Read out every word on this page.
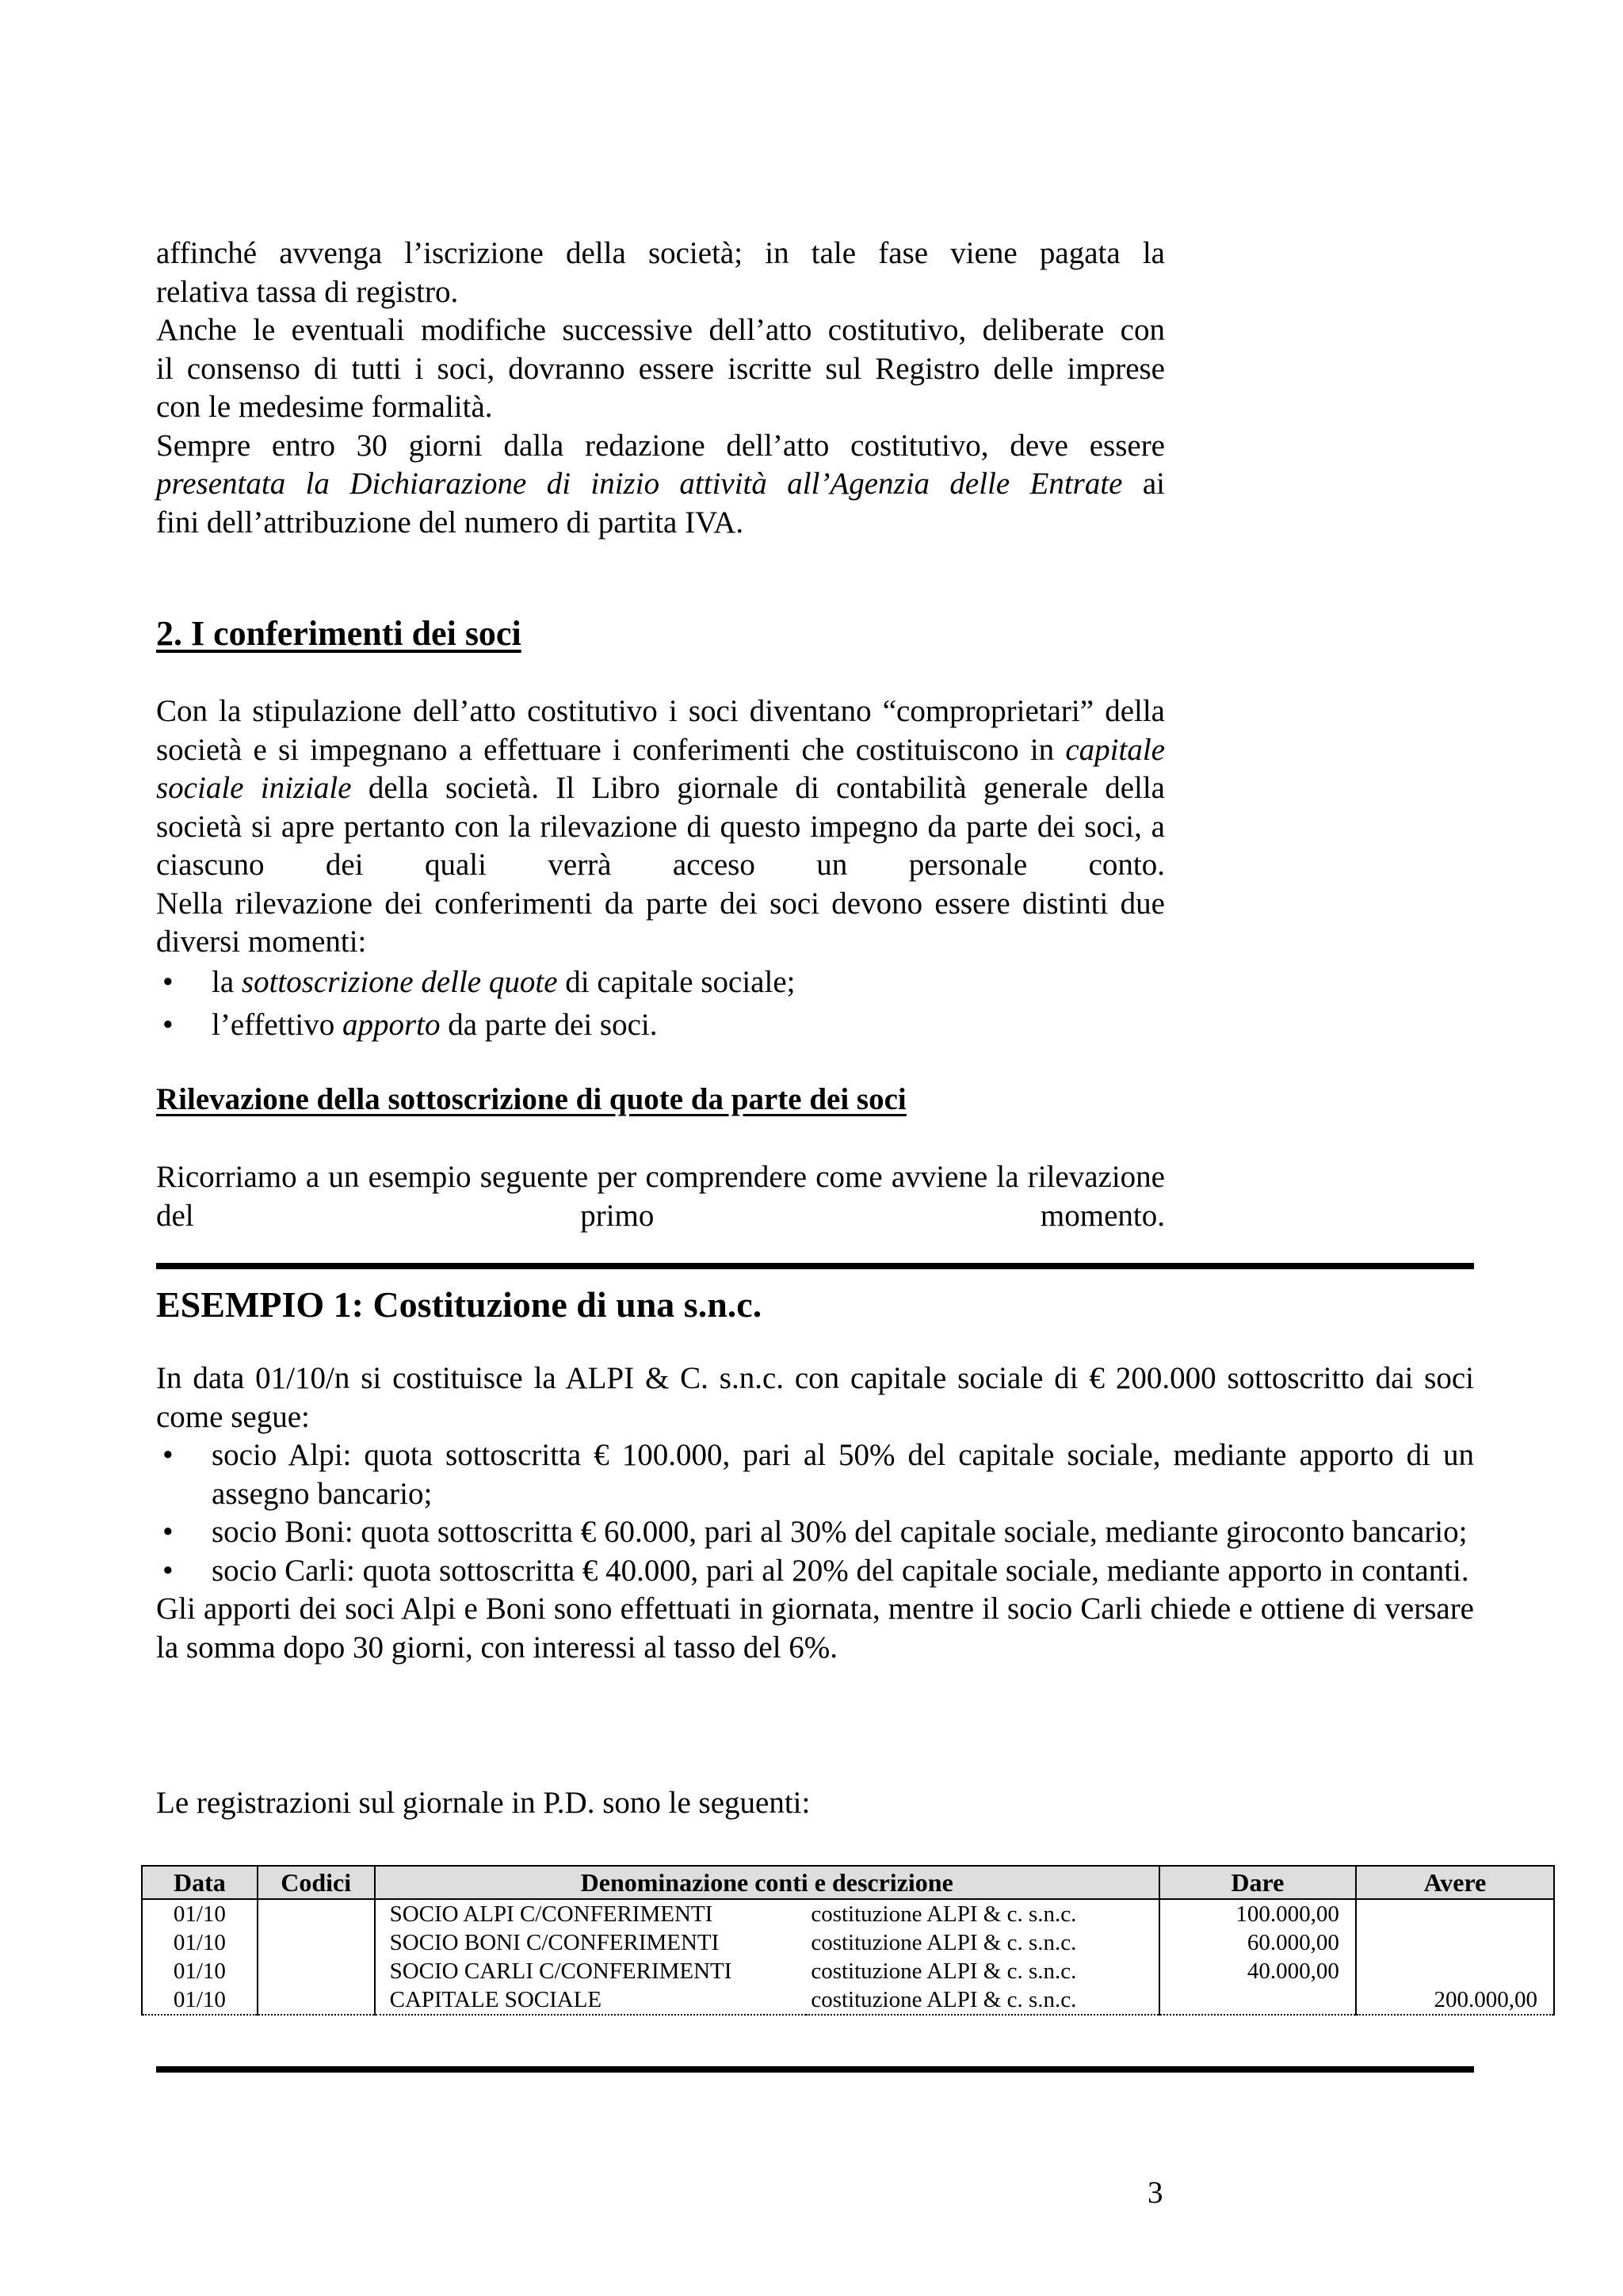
affinché avvenga l’iscrizione della società; in tale fase viene pagata la
relativa tassa di registro.
Anche le eventuali modifiche successive dell’atto costitutivo, deliberate con
il consenso di tutti i soci, dovranno essere iscritte sul Registro delle imprese
con le medesime formalità.
Sempre entro 30 giorni dalla redazione dell’atto costitutivo, deve essere
presentata la Dichiarazione di inizio attività all’Agenzia delle Entrate ai
fini dell’attribuzione del numero di partita IVA.
2. I conferimenti dei soci

Con la stipulazione dell’atto costitutivo i soci diventano “comproprietari” della società e si impegnano a effettuare i conferimenti che costituiscono in capitale sociale iniziale della società. Il Libro giornale di contabilità generale della società si apre pertanto con la rilevazione di questo impegno da parte dei soci, a ciascuno dei quali verrà acceso un personale conto.

Nella rilevazione dei conferimenti da parte dei soci devono essere distinti due diversi momenti:

• la sottoscrizione delle quote di capitale sociale;
• l’effettivo apporto da parte dei soci.
Rilevazione della sottoscrizione di quote da parte dei soci

Ricorriamo a un esempio seguente per comprendere come avviene la rilevazione del primo momento.

ESEMPIO 1: Costituzione di una s.n.c.

In data 01/10/n si costituisce la ALPI & C. s.n.c. con capitale sociale di € 200.000 sottoscritto dai soci come segue:

• socio Alpi: quota sottoscritta € 100.000, pari al 50% del capitale sociale, mediante apporto di un assegno bancario;
• socio Boni: quota sottoscritta € 60.000, pari al 30% del capitale sociale, mediante giroconto bancario;
• socio Carli: quota sottoscritta € 40.000, pari al 20% del capitale sociale, mediante apporto in contanti.

Gli apporti dei soci Alpi e Boni sono effettuati in giornata, mentre il socio Carli chiede e ottiene di versare la somma dopo 30 giorni, con interessi al tasso del 6%.

Le registrazioni sul giornale in P.D. sono le seguenti:

Data	Codici	Denominazione conti e descrizione		Dare	Avere
01/10		SOCIO ALPI C/CONFERIMENTI	costituzione ALPI & c. s.n.c.	100.000,00	
01/10		SOCIO BONI C/CONFERIMENTI	costituzione ALPI & c. s.n.c.	60.000,00	
01/10		SOCIO CARLI C/CONFERIMENTI	costituzione ALPI & c. s.n.c.	40.000,00	
01/10		CAPITALE SOCIALE	costituzione ALPI & c. s.n.c.		200.000,00
3
